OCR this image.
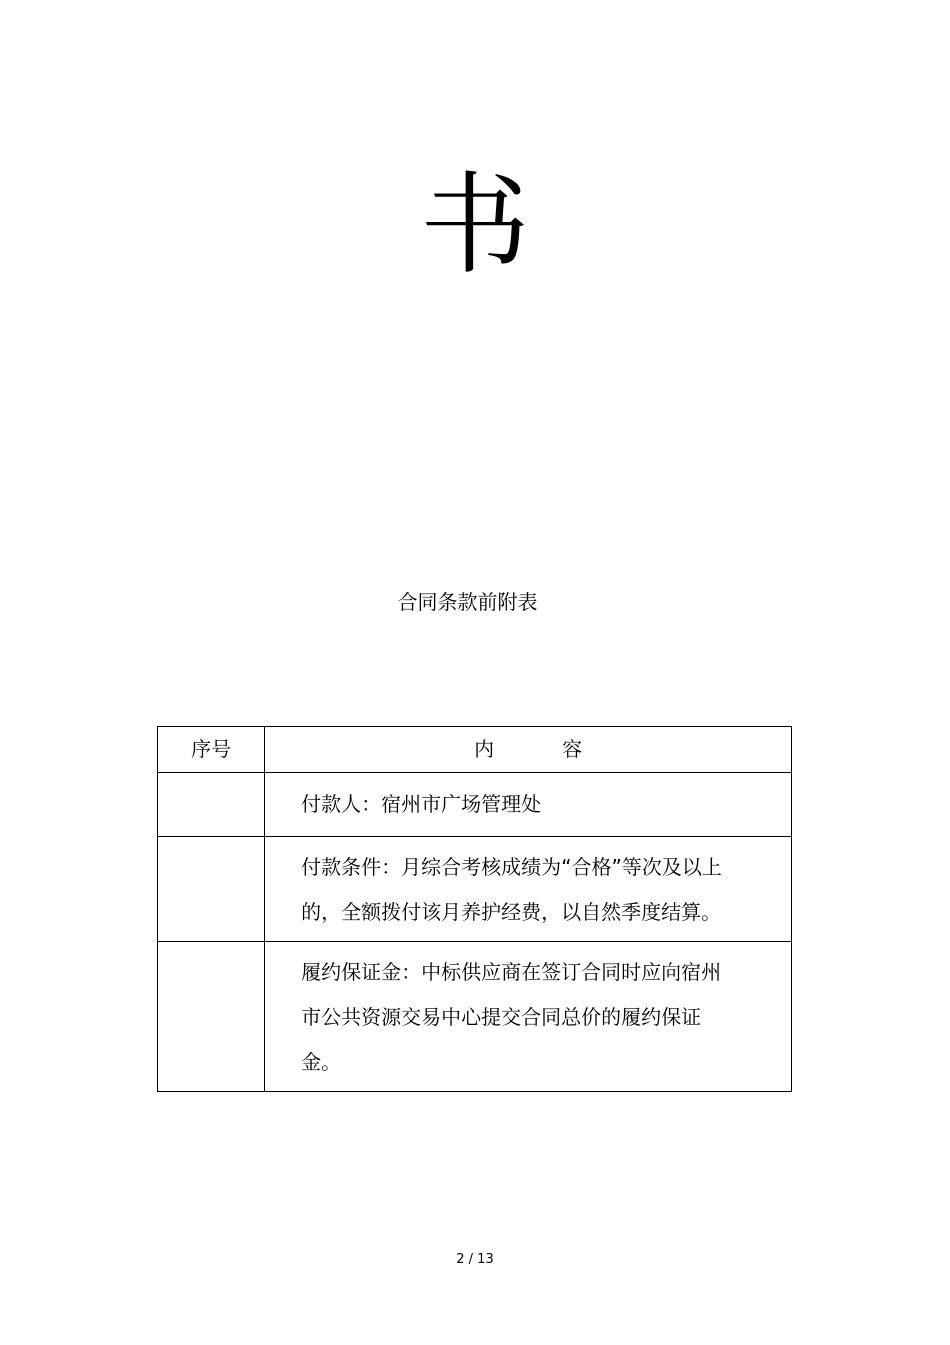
书
合同条款前附表
序号	内容

	付款人：宿州市广场管理处

	付款条件：月综合考核成绩为“合格”等次及以上的，全额拨付该月养护经费，以自然季度结算。

	履约保证金：中标供应商在签订合同时应向宿州市公共资源交易中心提交合同总价的履约保证金。
2 / 13
